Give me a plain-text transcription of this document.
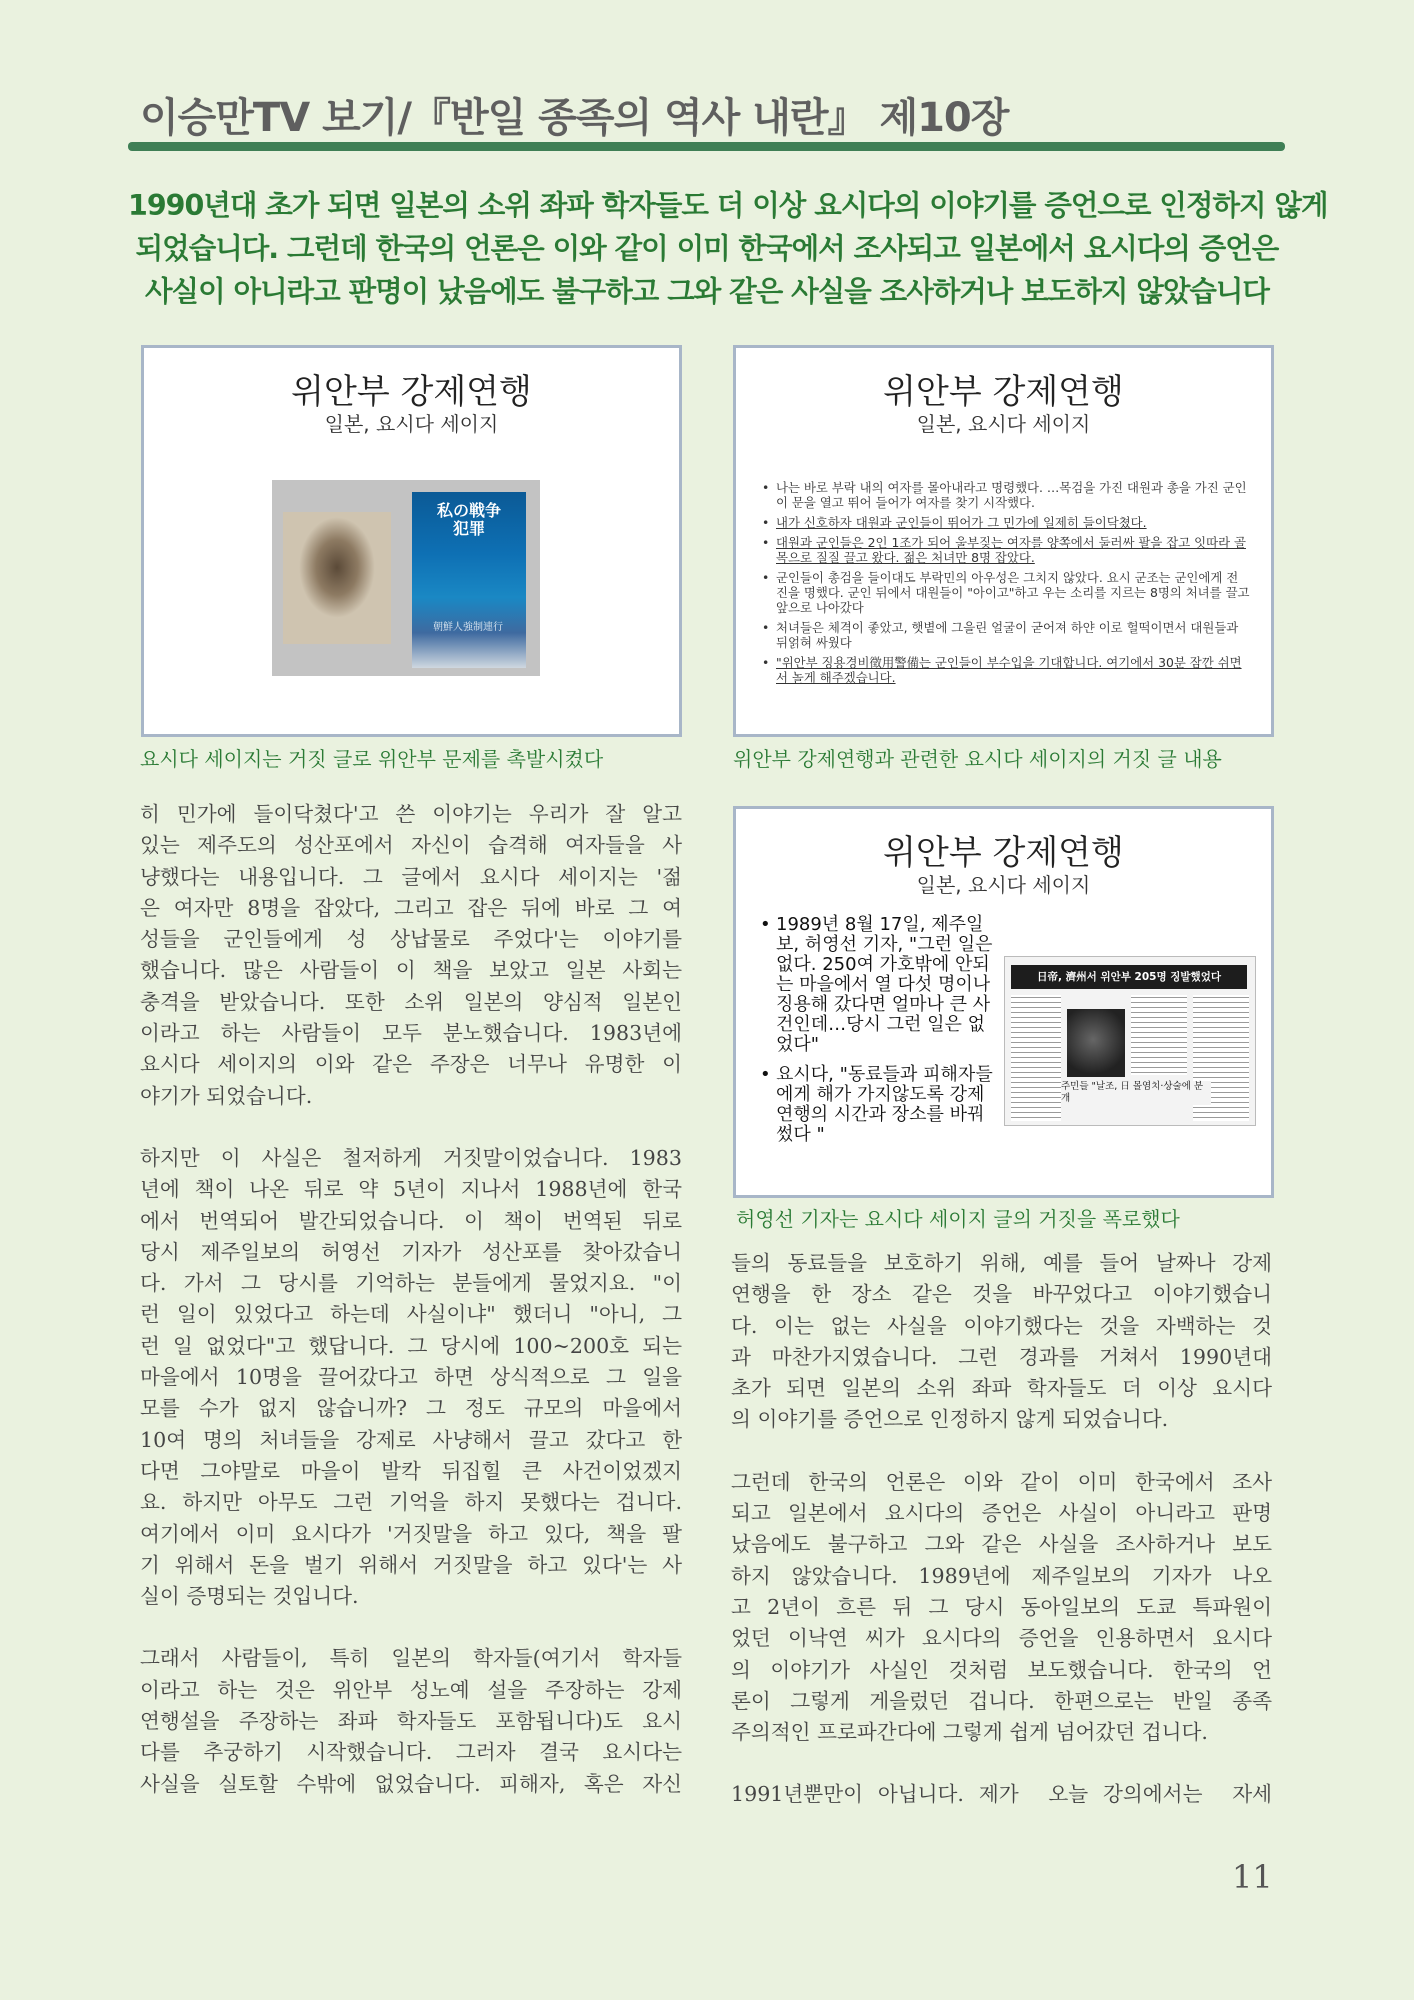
이승만TV 보기/『반일 종족의 역사 내란』 제10장
1990년대 초가 되면 일본의 소위 좌파 학자들도 더 이상 요시다의 이야기를 증언으로 인정하지 않게
되었습니다. 그런데 한국의 언론은 이와 같이 이미 한국에서 조사되고 일본에서 요시다의 증언은
사실이 아니라고 판명이 났음에도 불구하고 그와 같은 사실을 조사하거나 보도하지 않았습니다
위안부 강제연행
일본, 요시다 세이지
私の戦争犯罪
朝鮮人強制連行
요시다 세이지는 거짓 글로 위안부 문제를 촉발시켰다
위안부 강제연행
일본, 요시다 세이지
• 나는 바로 부락 내의 여자를 몰아내라고 명령했다. …목검을 가진 대원과 총을 가진 군인이 문을 열고 뛰어 들어가 여자를 찾기 시작했다.
• 내가 신호하자 대원과 군인들이 뛰어가 그 민가에 일제히 들이닥쳤다.
• 대원과 군인들은 2인 1조가 되어 울부짖는 여자를 양쪽에서 둘러싸 팔을 잡고 잇따라 골목으로 질질 끌고 왔다. 젊은 처녀만 8명 잡았다.
• 군인들이 총검을 들이대도 부락민의 아우성은 그치지 않았다. 요시 군조는 군인에게 전진을 명했다. 군인 뒤에서 대원들이 "아이고"하고 우는 소리를 지르는 8명의 처녀를 끌고 앞으로 나아갔다
• 처녀들은 체격이 좋았고, 햇볕에 그을린 얼굴이 굳어져 하얀 이로 헐떡이면서 대원들과 뒤얽혀 싸웠다
• "위안부 징용경비徵用警備는 군인들이 부수입을 기대합니다. 여기에서 30분 잠깐 쉬면서 놀게 해주겠습니다.
위안부 강제연행과 관련한 요시다 세이지의 거짓 글 내용
위안부 강제연행
일본, 요시다 세이지
• 1989년 8월 17일, 제주일보, 허영선 기자, "그런 일은 없다. 250여 가호밖에 안되는 마을에서 열 다섯 명이나 징용해 갔다면 얼마나 큰 사건인데…당시 그런 일은 없었다"
• 요시다, "동료들과 피해자들에게 해가 가지않도록 강제연행의 시간과 장소를 바꿔썼다 "
日帝, 濟州서 위안부 205명 징발했었다
주민들 "날조, 日 몰염치·상술에 분개
허영선 기자는 요시다 세이지 글의 거짓을 폭로했다

히 민가에 들이닥쳤다'고 쓴 이야기는 우리가 잘 알고
있는 제주도의 성산포에서 자신이 습격해 여자들을 사
냥했다는 내용입니다. 그 글에서 요시다 세이지는 '젊
은 여자만 8명을 잡았다, 그리고 잡은 뒤에 바로 그 여
성들을 군인들에게 성 상납물로 주었다'는 이야기를
했습니다. 많은 사람들이 이 책을 보았고 일본 사회는
충격을 받았습니다. 또한 소위 일본의 양심적 일본인
이라고 하는 사람들이 모두 분노했습니다. 1983년에
요시다 세이지의 이와 같은 주장은 너무나 유명한 이
야기가 되었습니다.

하지만 이 사실은 철저하게 거짓말이었습니다. 1983
년에 책이 나온 뒤로 약 5년이 지나서 1988년에 한국
에서 번역되어 발간되었습니다. 이 책이 번역된 뒤로
당시 제주일보의 허영선 기자가 성산포를 찾아갔습니
다. 가서 그 당시를 기억하는 분들에게 물었지요. "이
런 일이 있었다고 하는데 사실이냐" 했더니 "아니, 그
런 일 없었다"고 했답니다. 그 당시에 100~200호 되는
마을에서 10명을 끌어갔다고 하면 상식적으로 그 일을
모를 수가 없지 않습니까? 그 정도 규모의 마을에서
10여 명의 처녀들을 강제로 사냥해서 끌고 갔다고 한
다면 그야말로 마을이 발칵 뒤집힐 큰 사건이었겠지
요. 하지만 아무도 그런 기억을 하지 못했다는 겁니다.
여기에서 이미 요시다가 '거짓말을 하고 있다, 책을 팔
기 위해서 돈을 벌기 위해서 거짓말을 하고 있다'는 사
실이 증명되는 것입니다.

그래서 사람들이, 특히 일본의 학자들(여기서 학자들
이라고 하는 것은 위안부 성노예 설을 주장하는 강제
연행설을 주장하는 좌파 학자들도 포함됩니다)도 요시
다를 추궁하기 시작했습니다. 그러자 결국 요시다는
사실을 실토할 수밖에 없었습니다. 피해자, 혹은 자신

들의 동료들을 보호하기 위해, 예를 들어 날짜나 강제
연행을 한 장소 같은 것을 바꾸었다고 이야기했습니
다. 이는 없는 사실을 이야기했다는 것을 자백하는 것
과 마찬가지였습니다. 그런 경과를 거쳐서 1990년대
초가 되면 일본의 소위 좌파 학자들도 더 이상 요시다
의 이야기를 증언으로 인정하지 않게 되었습니다.

그런데 한국의 언론은 이와 같이 이미 한국에서 조사
되고 일본에서 요시다의 증언은 사실이 아니라고 판명
났음에도 불구하고 그와 같은 사실을 조사하거나 보도
하지 않았습니다. 1989년에 제주일보의 기자가 나오
고 2년이 흐른 뒤 그 당시 동아일보의 도쿄 특파원이
었던 이낙연 씨가 요시다의 증언을 인용하면서 요시다
의 이야기가 사실인 것처럼 보도했습니다. 한국의 언
론이 그렇게 게을렀던 겁니다. 한편으로는 반일 종족
주의적인 프로파간다에 그렇게 쉽게 넘어갔던 겁니다.

1991년뿐만이 아닙니다. 제가  오늘 강의에서는  자세

11
